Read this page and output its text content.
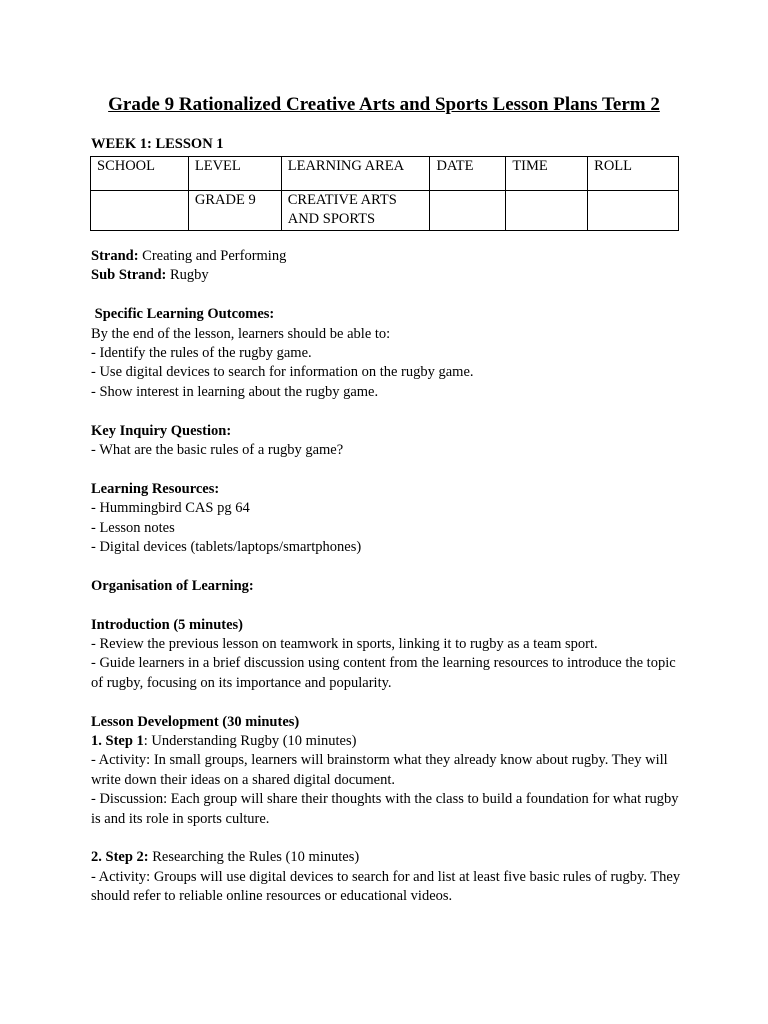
Grade 9 Rationalized Creative Arts and Sports Lesson Plans Term 2

WEEK 1: LESSON 1

SCHOOL	LEVEL	LEARNING AREA	DATE	TIME	ROLL
	GRADE 9	CREATIVE ARTS AND SPORTS			

Strand: Creating and Performing

Sub Strand: Rugby

Specific Learning Outcomes:

By the end of the lesson, learners should be able to:

- Identify the rules of the rugby game.

- Use digital devices to search for information on the rugby game.

- Show interest in learning about the rugby game.

Key Inquiry Question:

- What are the basic rules of a rugby game?

Learning Resources:

- Hummingbird CAS pg 64

- Lesson notes

- Digital devices (tablets/laptops/smartphones)

Organisation of Learning:

Introduction (5 minutes)

- Review the previous lesson on teamwork in sports, linking it to rugby as a team sport.

- Guide learners in a brief discussion using content from the learning resources to introduce the topic of rugby, focusing on its importance and popularity.

Lesson Development (30 minutes)

1. Step 1: Understanding Rugby (10 minutes)

- Activity: In small groups, learners will brainstorm what they already know about rugby. They will write down their ideas on a shared digital document.

- Discussion: Each group will share their thoughts with the class to build a foundation for what rugby is and its role in sports culture.

2. Step 2: Researching the Rules (10 minutes)

- Activity: Groups will use digital devices to search for and list at least five basic rules of rugby. They should refer to reliable online resources or educational videos.
